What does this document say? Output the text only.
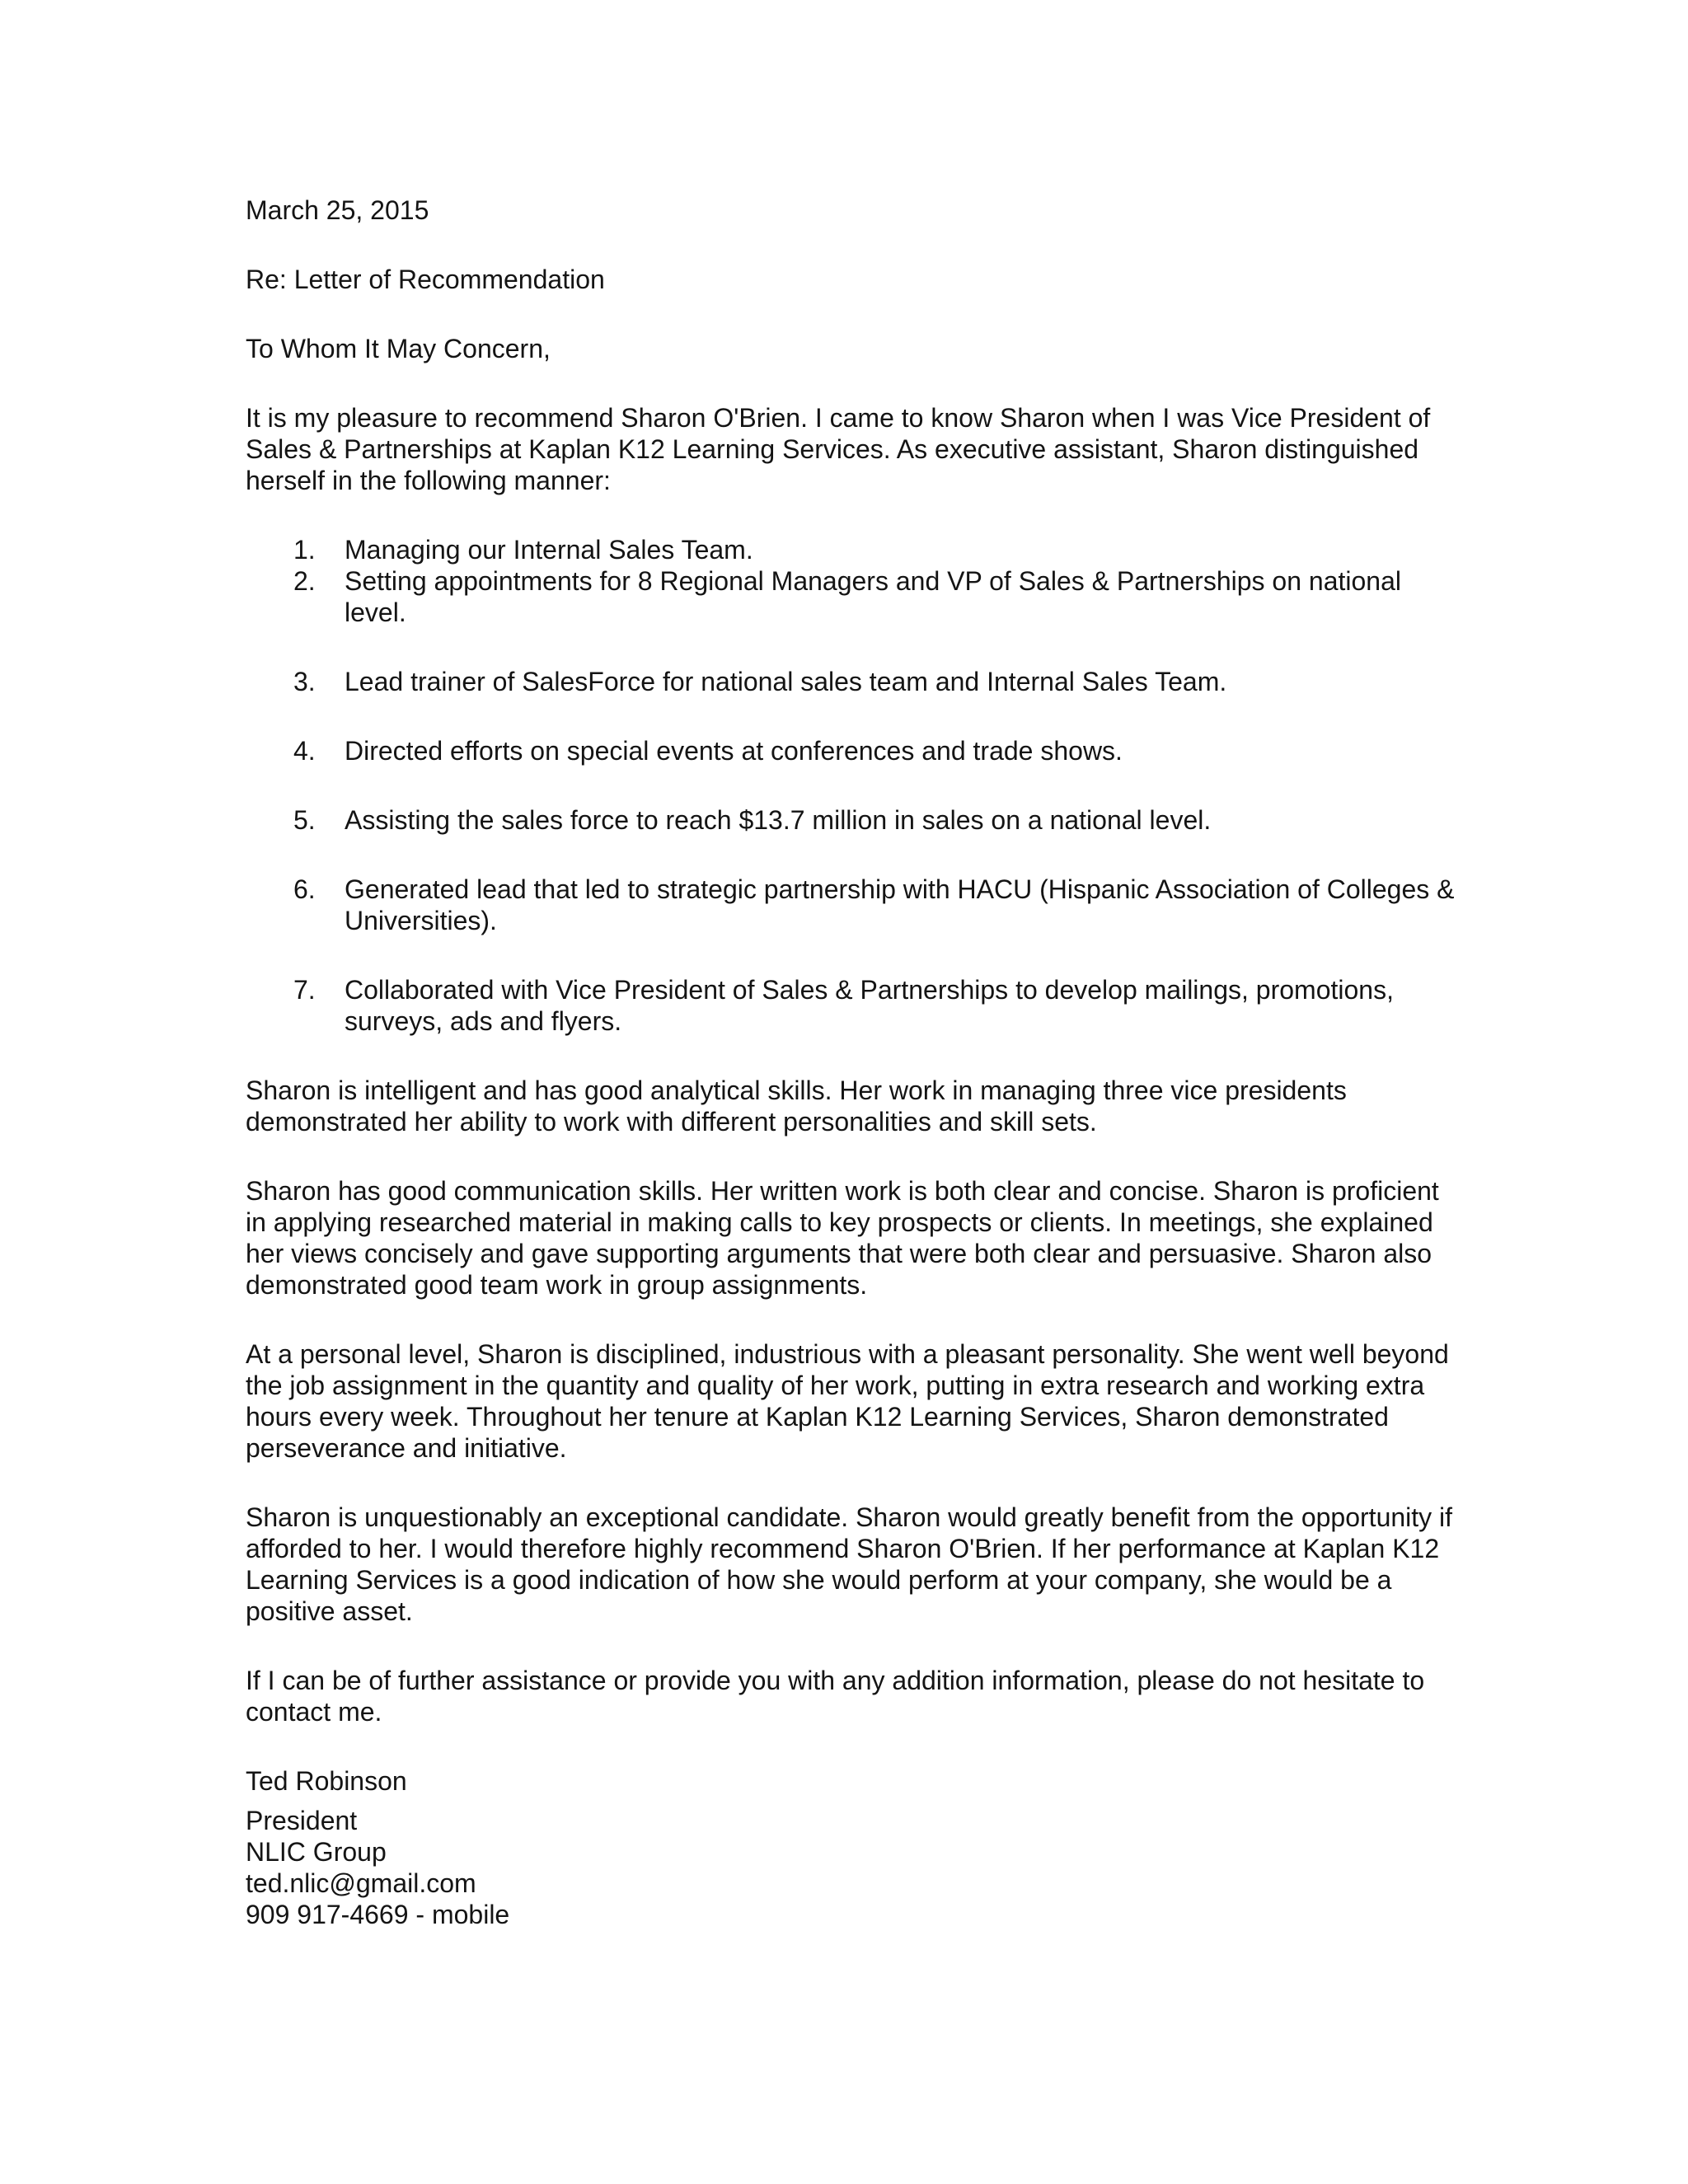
March 25, 2015

Re: Letter of Recommendation

To Whom It May Concern,

It is my pleasure to recommend Sharon O'Brien. I came to know Sharon when I was Vice President of Sales & Partnerships at Kaplan K12 Learning Services. As executive assistant, Sharon distinguished herself in the following manner:

1.	Managing our Internal Sales Team.
2.	Setting appointments for 8 Regional Managers and VP of Sales & Partnerships on national level.
3.	Lead trainer of SalesForce for national sales team and Internal Sales Team.
4.	Directed efforts on special events at conferences and trade shows.
5.	Assisting the sales force to reach $13.7 million in sales on a national level.
6.	Generated lead that led to strategic partnership with HACU (Hispanic Association of Colleges & Universities).
7.	Collaborated with Vice President of Sales & Partnerships to develop mailings, promotions, surveys, ads and flyers.

Sharon is intelligent and has good analytical skills. Her work in managing three vice presidents demonstrated her ability to work with different personalities and skill sets.

Sharon has good communication skills. Her written work is both clear and concise. Sharon is proficient in applying researched material in making calls to key prospects or clients. In meetings, she explained her views concisely and gave supporting arguments that were both clear and persuasive. Sharon also demonstrated good team work in group assignments.

At a personal level, Sharon is disciplined, industrious with a pleasant personality. She went well beyond the job assignment in the quantity and quality of her work, putting in extra research and working extra hours every week. Throughout her tenure at Kaplan K12 Learning Services, Sharon demonstrated perseverance and initiative.

Sharon is unquestionably an exceptional candidate. Sharon would greatly benefit from the opportunity if afforded to her. I would therefore highly recommend Sharon O'Brien. If her performance at Kaplan K12 Learning Services is a good indication of how she would perform at your company, she would be a positive asset.

If I can be of further assistance or provide you with any addition information, please do not hesitate to contact me.

Ted Robinson

President

NLIC Group

ted.nlic@gmail.com

909 917-4669 - mobile
